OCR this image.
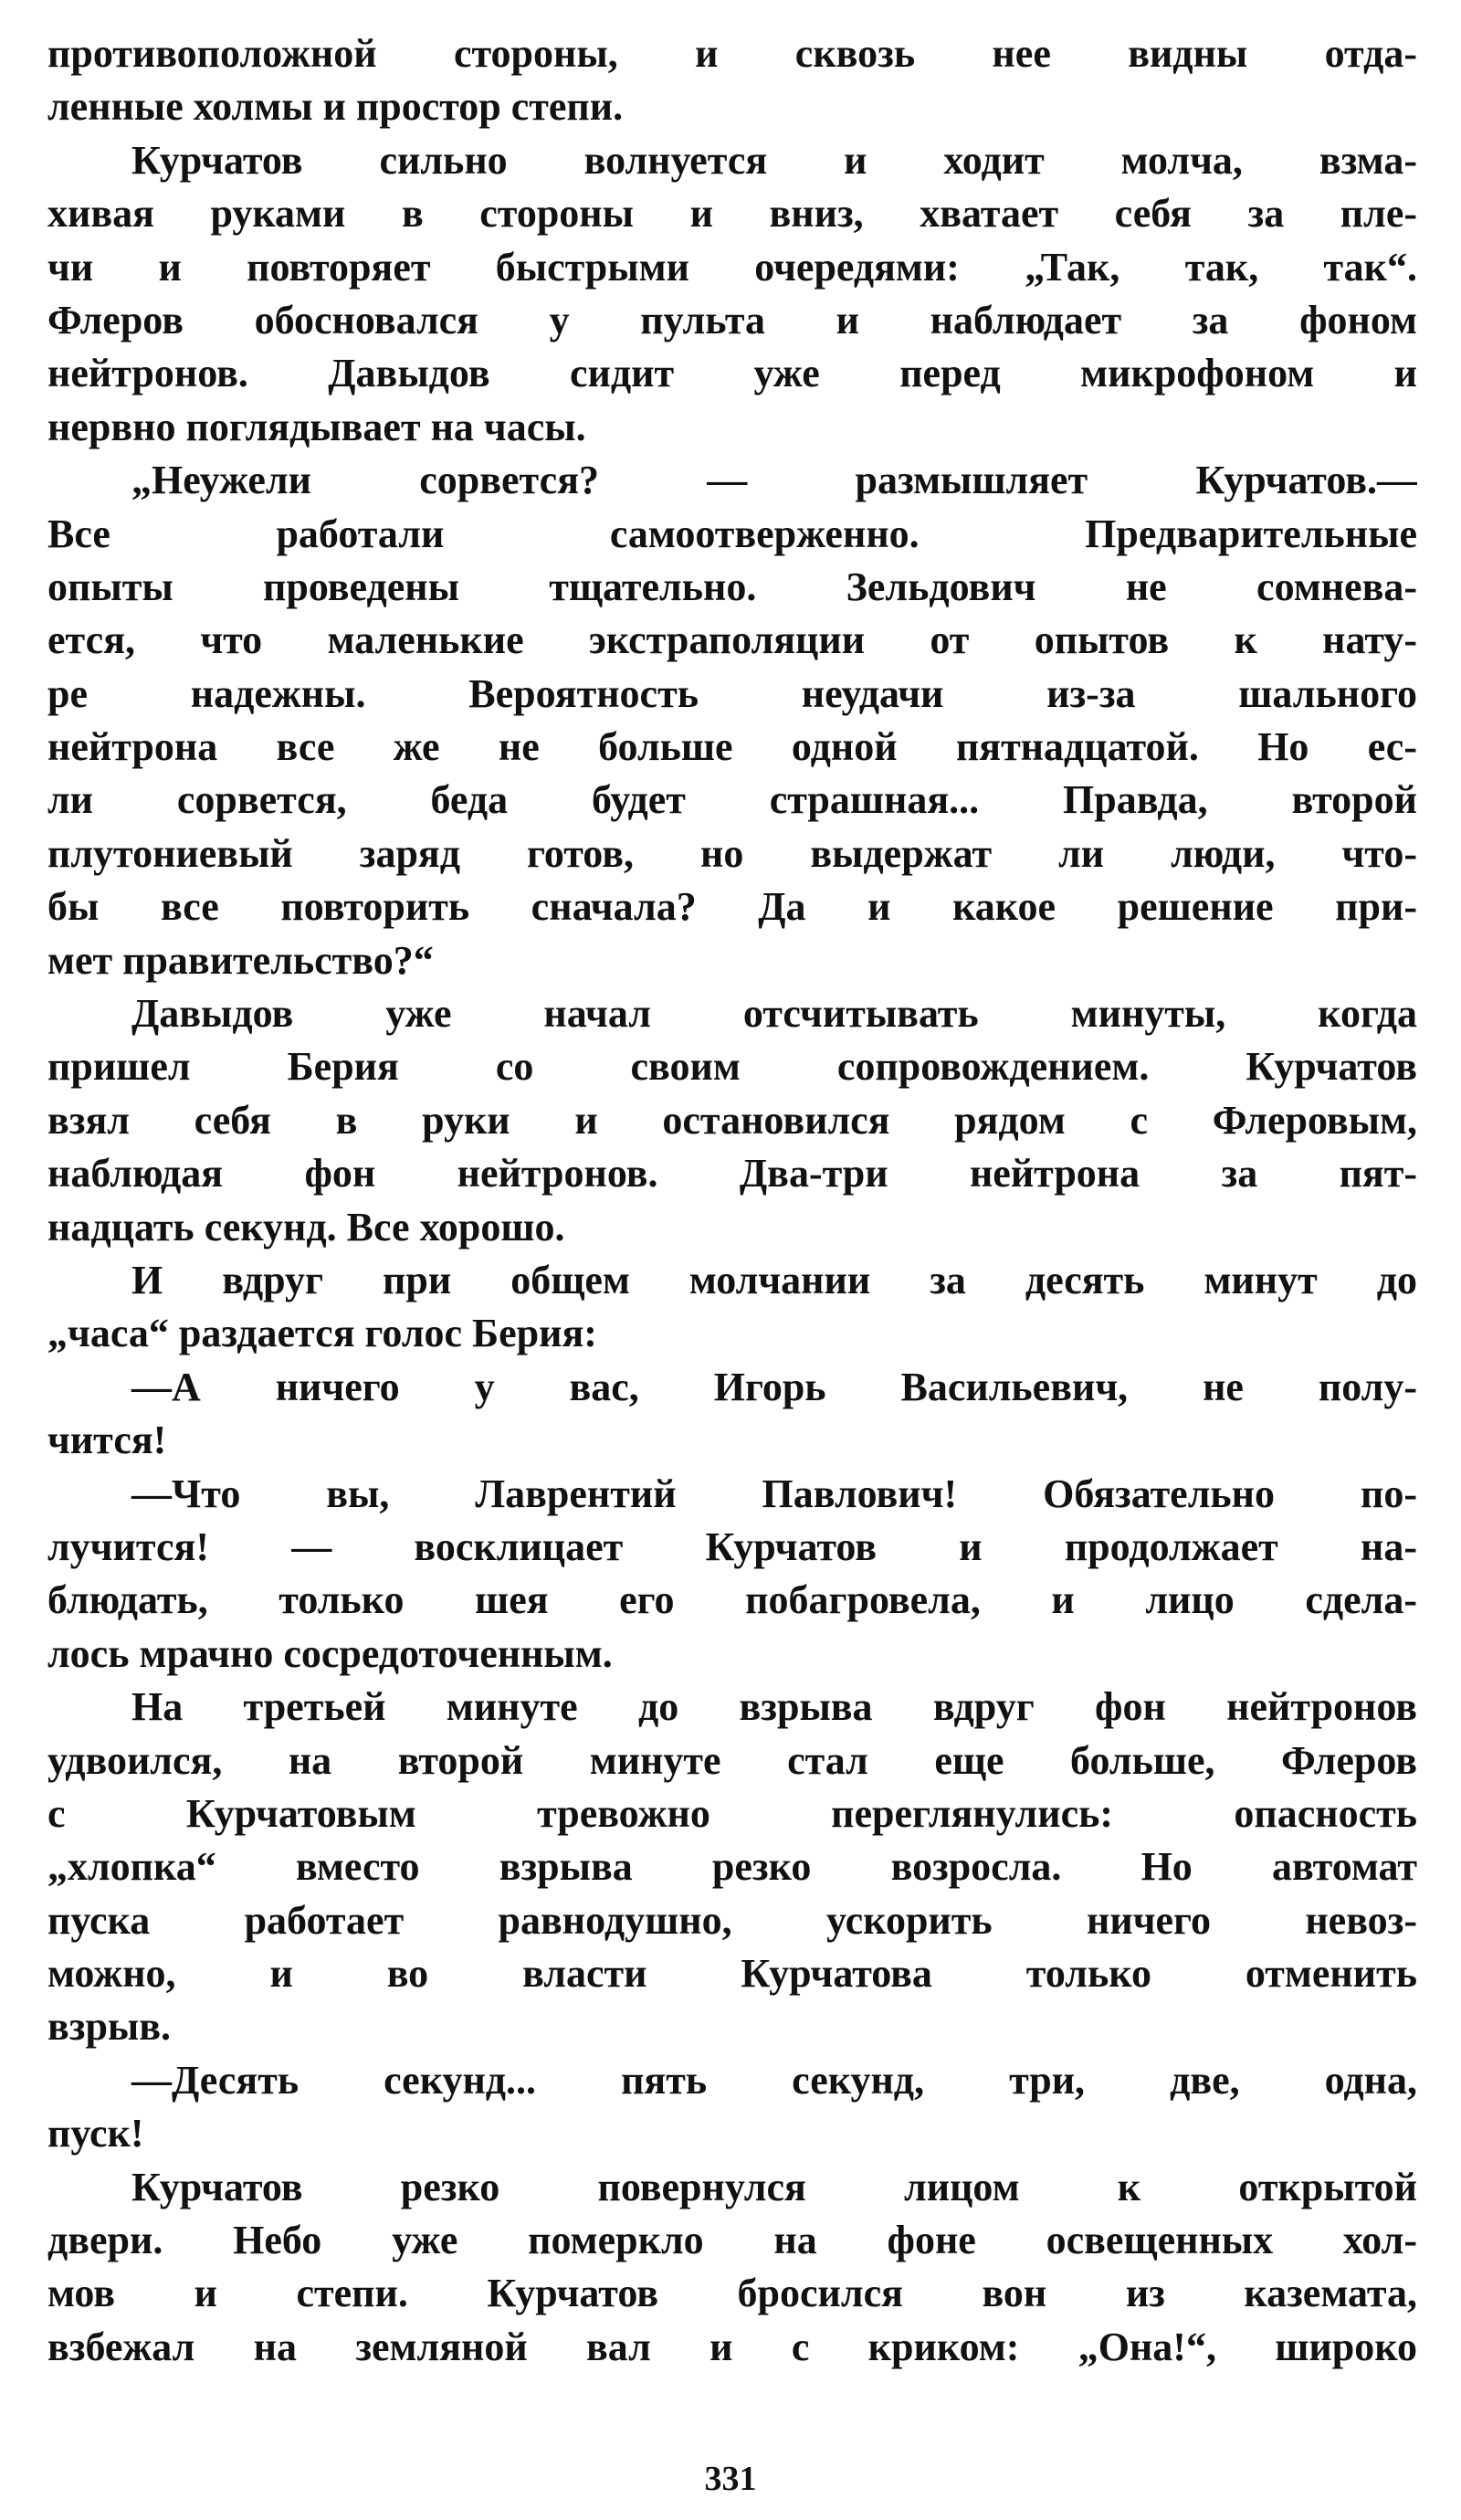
противоположной стороны, и сквозь нее видны отда-
ленные холмы и простор степи.
Курчатов сильно волнуется и ходит молча, взма-
хивая руками в стороны и вниз, хватает себя за пле-
чи и повторяет быстрыми очередями: „Так, так, так“.
Флеров обосновался у пульта и наблюдает за фоном
нейтронов. Давыдов сидит уже перед микрофоном и
нервно поглядывает на часы.
„Неужели сорвется? — размышляет Курчатов.—
Все работали самоотверженно. Предварительные
опыты проведены тщательно. Зельдович не сомнева-
ется, что маленькие экстраполяции от опытов к нату-
ре надежны. Вероятность неудачи из-за шального
нейтрона все же не больше одной пятнадцатой. Но ес-
ли сорвется, беда будет страшная... Правда, второй
плутониевый заряд готов, но выдержат ли люди, что-
бы все повторить сначала? Да и какое решение при-
мет правительство?“
Давыдов уже начал отсчитывать минуты, когда
пришел Берия со своим сопровождением. Курчатов
взял себя в руки и остановился рядом с Флеровым,
наблюдая фон нейтронов. Два-три нейтрона за пят-
надцать секунд. Все хорошо.
И вдруг при общем молчании за десять минут до
„часа“ раздается голос Берия:
—А ничего у вас, Игорь Васильевич, не полу-
чится!
—Что вы, Лаврентий Павлович! Обязательно по-
лучится! — восклицает Курчатов и продолжает на-
блюдать, только шея его побагровела, и лицо сдела-
лось мрачно сосредоточенным.
На третьей минуте до взрыва вдруг фон нейтронов
удвоился, на второй минуте стал еще больше, Флеров
с Курчатовым тревожно переглянулись: опасность
„хлопка“ вместо взрыва резко возросла. Но автомат
пуска работает равнодушно, ускорить ничего невоз-
можно, и во власти Курчатова только отменить
взрыв.
—Десять секунд... пять секунд, три, две, одна,
пуск!
Курчатов резко повернулся лицом к открытой
двери. Небо уже померкло на фоне освещенных хол-
мов и степи. Курчатов бросился вон из каземата,
взбежал на земляной вал и с криком: „Она!“, широко
331
